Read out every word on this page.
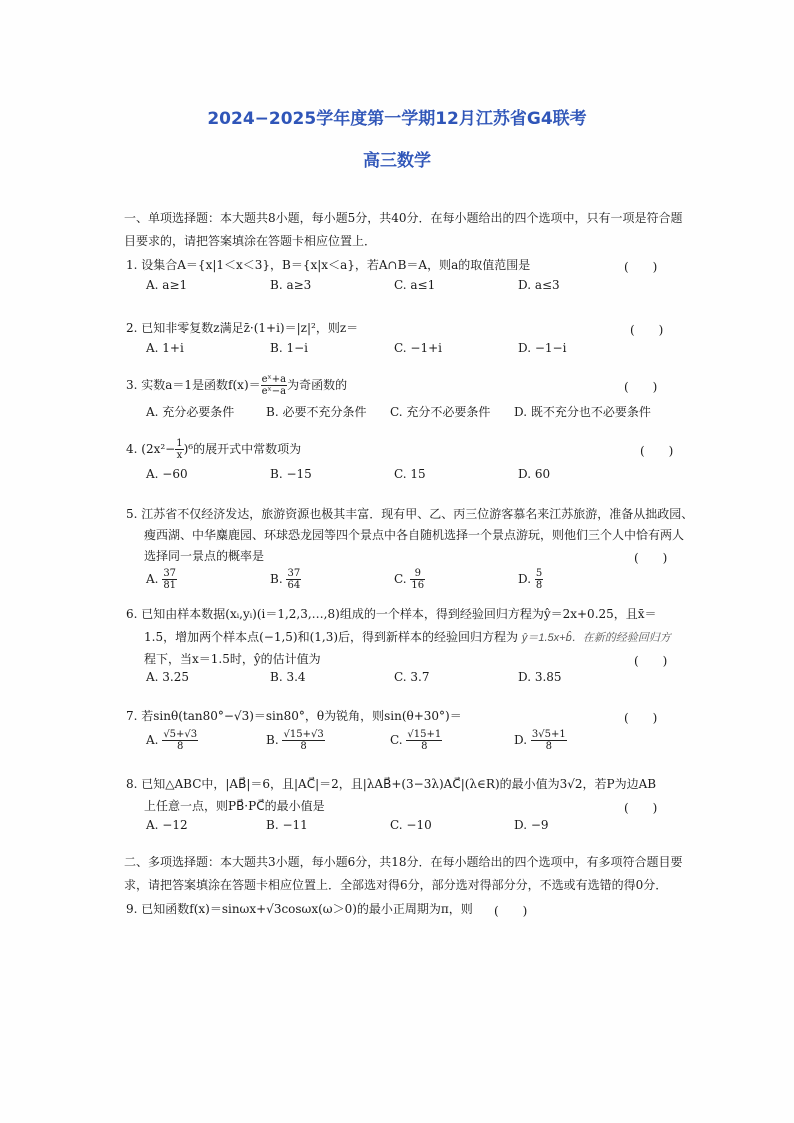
2024−2025学年度第一学期12月江苏省G4联考
高三数学
一、单项选择题：本大题共8小题，每小题5分，共40分．在每小题给出的四个选项中，只有一项是符合题目要求的，请把答案填涂在答题卡相应位置上．
1. 设集合A＝{x|1＜x＜3}，B＝{x|x＜a}，若A∩B＝A，则a的取值范围是	(　　)
A. a≥1	B. a≥3	C. a≤1	D. a≤3
2. 已知非零复数z满足z̄·(1+i)＝|z|²，则z＝	(　　)
A. 1+i	B. 1−i	C. −1+i	D. −1−i
3. 实数a＝1是函数$f(x)= \frac{\text{eˣ+a}}{\text{eˣ−a}}$ 为奇函数的	(　　)
A. 充分必要条件	B. 必要不充分条件 C. 充分不必要条件 D. 既不充分也不必要条件
4. $(2x^2- \frac{1}{x} )^6$的展开式中常数项为	(　　)
A. −60	B. −15	C. 15	D. 60
5. 江苏省不仅经济发达，旅游资源也极其丰富．现有甲、乙、丙三位游客慕名来江苏旅游，准备从拙政园、
瘦西湖、中华麋鹿园、环球恐龙园等四个景点中各自随机选择一个景点游玩，则他们三个人中恰有两人
选择同一景点的概率是	(　　)
A. $\frac{37}{81}$	B. $\frac{37}{64}$	C. $\frac{9}{16}$	D. $\frac{5}{8}$
6. 已知由样本数据(xᵢ,yᵢ)(i＝1,2,3,…,8)组成的一个样本，得到经验回归方程为ŷ＝2x+0.25，且x̄＝
1.5，增加两个样本点(−1,5)和(1,3)后，得到新样本的经验回归方程为 ŷ＝1.5x+b̂．在新的经验回归方
程下，当x＝1.5时，ŷ的估计值为	(　　)
A. 3.25	B. 3.4	C. 3.7	D. 3.85
7. 若sinθ(tan80°−√3)＝sin80°，θ为锐角，则sin(θ+30°)＝	(　　)
A. $\frac{√5+√3}{8}$	B. $\frac{√15+√3}{8}$	C. $\frac{√15+1}{8}$	D. $\frac{3√5+1}{8}$
8. 已知△ABC中，|AB⃗|＝6，且|AC⃗|＝2，且|λAB⃗+(3−3λ)AC⃗|(λ∈R)的最小值为3√2，若P为边AB
上任意一点，则PB⃗·PC⃗的最小值是	(　　)
A. −12	B. −11	C. −10	D. −9
二、多项选择题：本大题共3小题，每小题6分，共18分．在每小题给出的四个选项中，有多项符合题目要求，请把答案填涂在答题卡相应位置上．全部选对得6分，部分选对得部分分，不选或有选错的得0分．
9. 已知函数f(x)＝sinωx+√3cosωx(ω＞0)的最小正周期为π，则 (　　)
